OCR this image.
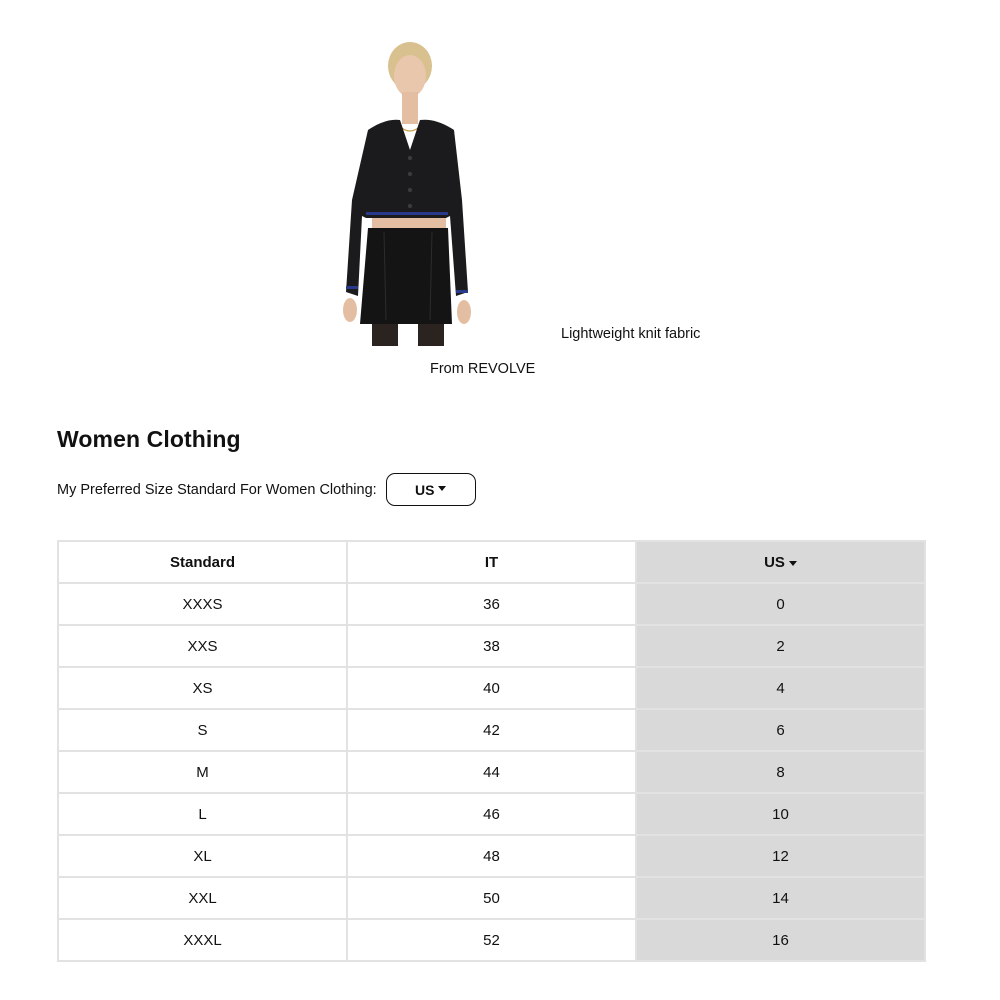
Lightweight knit fabric
From REVOLVE
Women Clothing
My Preferred Size Standard For Women Clothing:	US
Standard	IT	US
XXXS	36	0
XXS	38	2
XS	40	4
S	42	6
M	44	8
L	46	10
XL	48	12
XXL	50	14
XXXL	52	16
